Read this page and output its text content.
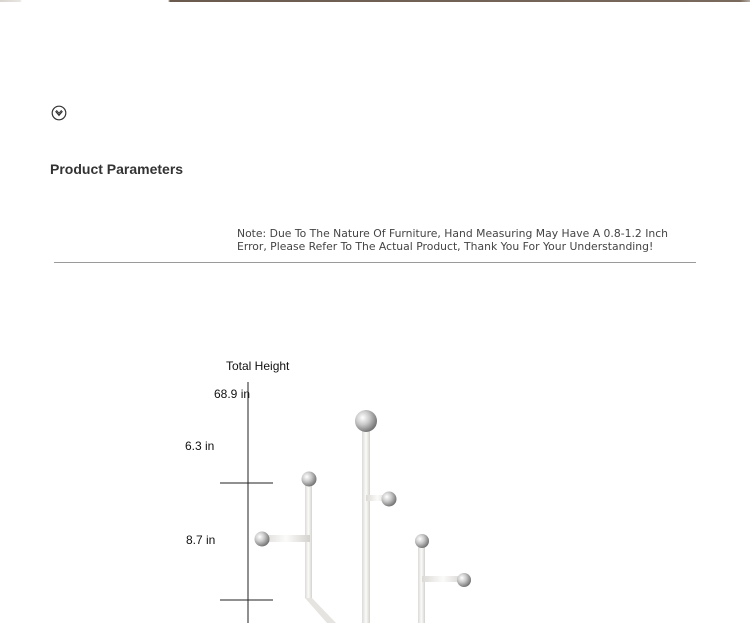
Product Parameters
Note: Due To The Nature Of Furniture, Hand Measuring May Have A 0.8-1.2 Inch
Error, Please Refer To The Actual Product, Thank You For Your Understanding!
Total Height
68.9 in
6.3 in
8.7 in
